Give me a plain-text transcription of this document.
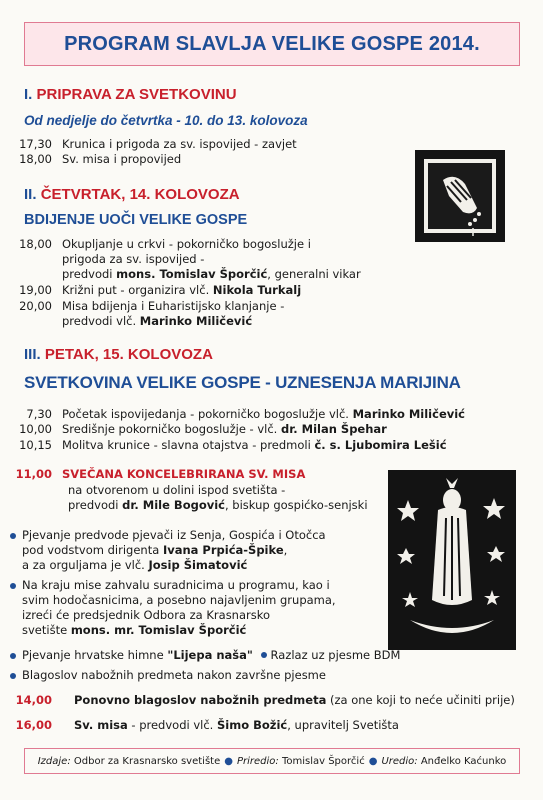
PROGRAM SLAVLJA VELIKE GOSPE 2014.
I. PRIPRAVA ZA SVETKOVINU
Od nedjelje do četvrtka - 10. do 13. kolovoza
17,30 Krunica i prigoda za sv. ispovijed - zavjet
18,00 Sv. misa i propovijed
II. ČETVRTAK, 14. KOLOVOZA
BDIJENJE UOČI VELIKE GOSPE
18,00 Okupljanje u crkvi - pokorničko bogoslužje i
prigoda za sv. ispovijed -
predvodi mons. Tomislav Šporčić, generalni vikar
19,00 Križni put - organizira vlč. Nikola Turkalj
20,00 Misa bdijenja i Euharistijsko klanjanje -
predvodi vlč. Marinko Miličević
III. PETAK, 15. KOLOVOZA
SVETKOVINA VELIKE GOSPE - UZNESENJA MARIJINA
7,30 Početak ispovijedanja - pokorničko bogoslužje vlč. Marinko Miličević
10,00 Središnje pokorničko bogoslužje - vlč. dr. Milan Špehar
10,15 Molitva krunice - slavna otajstva - predmoli č. s. Ljubomira Lešić
11,00 SVEČANA KONCELEBRIRANA SV. MISA
na otvorenom u dolini ispod svetišta -
predvodi dr. Mile Bogović, biskup gospićko-senjski
Pjevanje predvode pjevači iz Senja, Gospića i Otočca
pod vodstvom dirigenta Ivana Prpića-Špike,
a za orguljama je vlč. Josip Šimatović
Na kraju mise zahvalu suradnicima u programu, kao i
svim hodočasnicima, a posebno najavljenim grupama,
izreći će predsjednik Odbora za Krasnarsko
svetište mons. mr. Tomislav Šporčić
Pjevanje hrvatske himne "Lijepa naša" Razlaz uz pjesme BDM
Blagoslov nabožnih predmeta nakon završne pjesme
14,00 Ponovno blagoslov nabožnih predmeta (za one koji to neće učiniti prije)
16,00 Sv. misa - predvodi vlč. Šimo Božić, upravitelj Svetišta
Izdaje:
Odbor za Krasnarsko svetište ● Priredio:
Tomislav Šporčić ● Uredio:
Anđelko Kaćunko
